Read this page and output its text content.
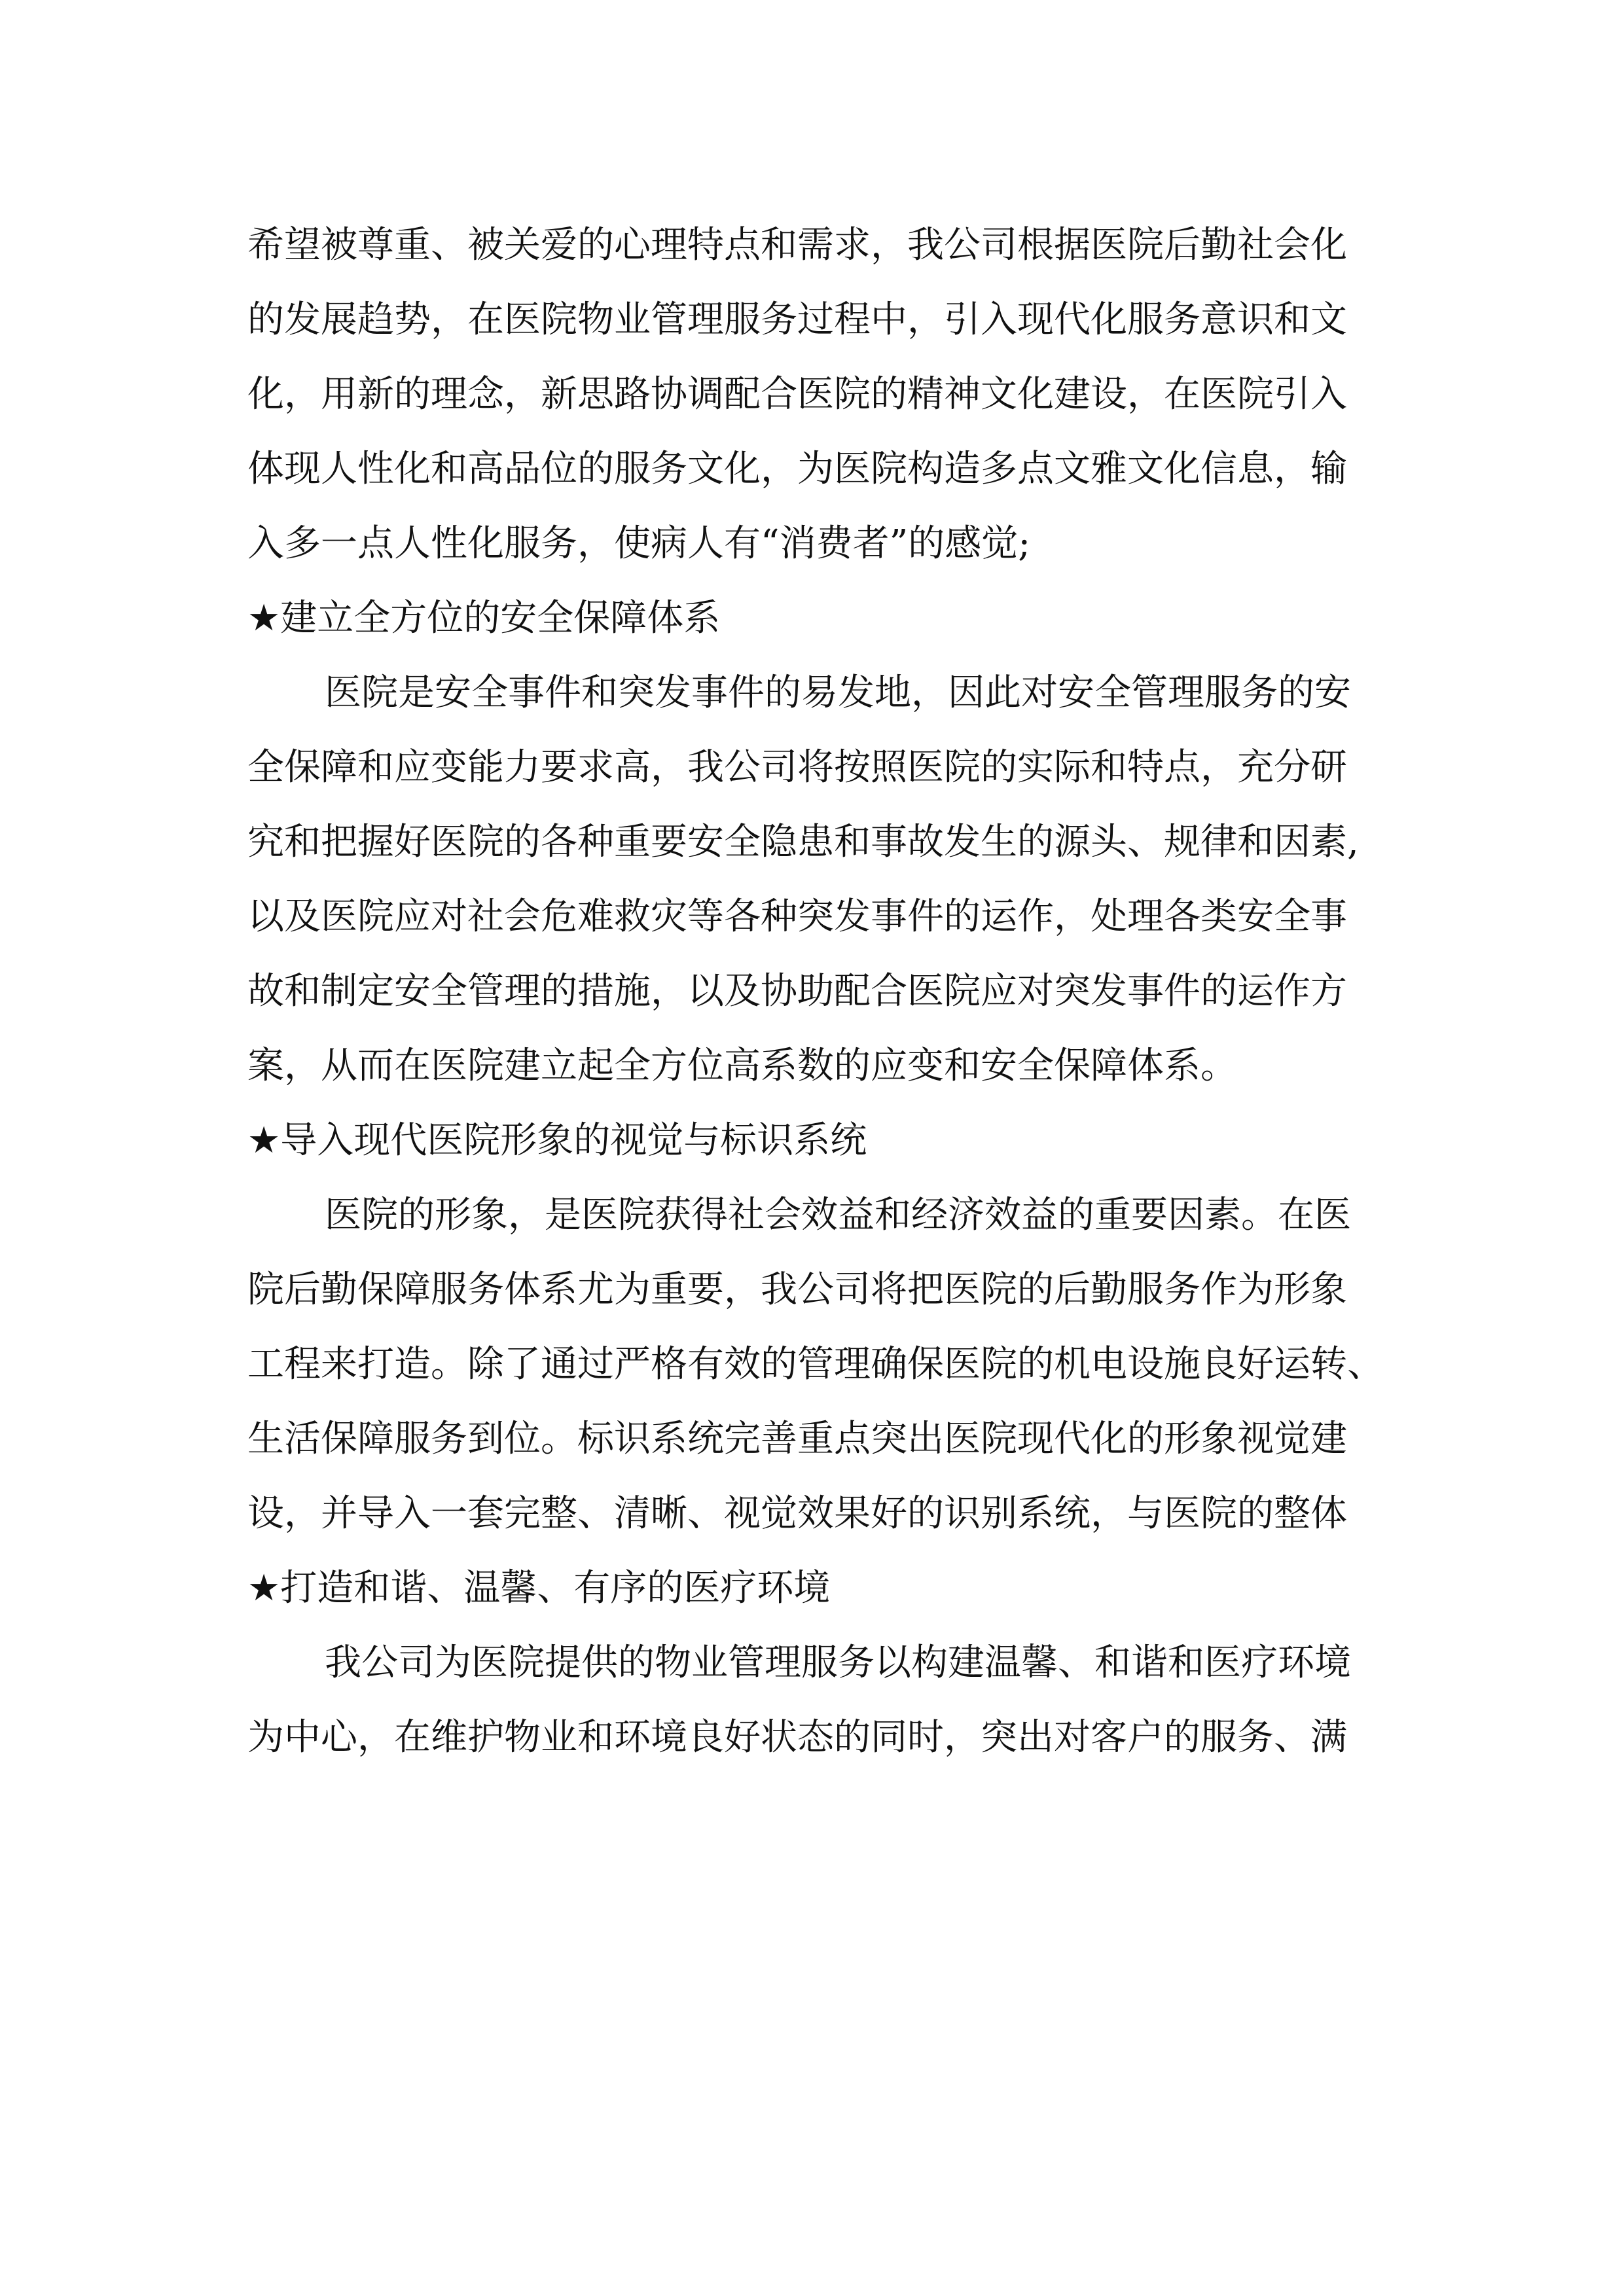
希望被尊重、被关爱的心理特点和需求，我公司根据医院后勤社会化
的发展趋势，在医院物业管理服务过程中，引入现代化服务意识和文
化，用新的理念，新思路协调配合医院的精神文化建设，在医院引入
体现人性化和高品位的服务文化，为医院构造多点文雅文化信息，输
入多一点人性化服务，使病人有“消费者”的感觉;
★建立全方位的安全保障体系
医院是安全事件和突发事件的易发地，因此对安全管理服务的安
全保障和应变能力要求高，我公司将按照医院的实际和特点，充分研
究和把握好医院的各种重要安全隐患和事故发生的源头、规律和因素,
以及医院应对社会危难救灾等各种突发事件的运作，处理各类安全事
故和制定安全管理的措施，以及协助配合医院应对突发事件的运作方
案，从而在医院建立起全方位高系数的应变和安全保障体系。
★导入现代医院形象的视觉与标识系统
医院的形象，是医院获得社会效益和经济效益的重要因素。在医
院后勤保障服务体系尤为重要，我公司将把医院的后勤服务作为形象
工程来打造。除了通过严格有效的管理确保医院的机电设施良好运转、
生活保障服务到位。标识系统完善重点突出医院现代化的形象视觉建
设，并导入一套完整、清晰、视觉效果好的识别系统，与医院的整体
★打造和谐、温馨、有序的医疗环境
我公司为医院提供的物业管理服务以构建温馨、和谐和医疗环境
为中心，在维护物业和环境良好状态的同时，突出对客户的服务、满
